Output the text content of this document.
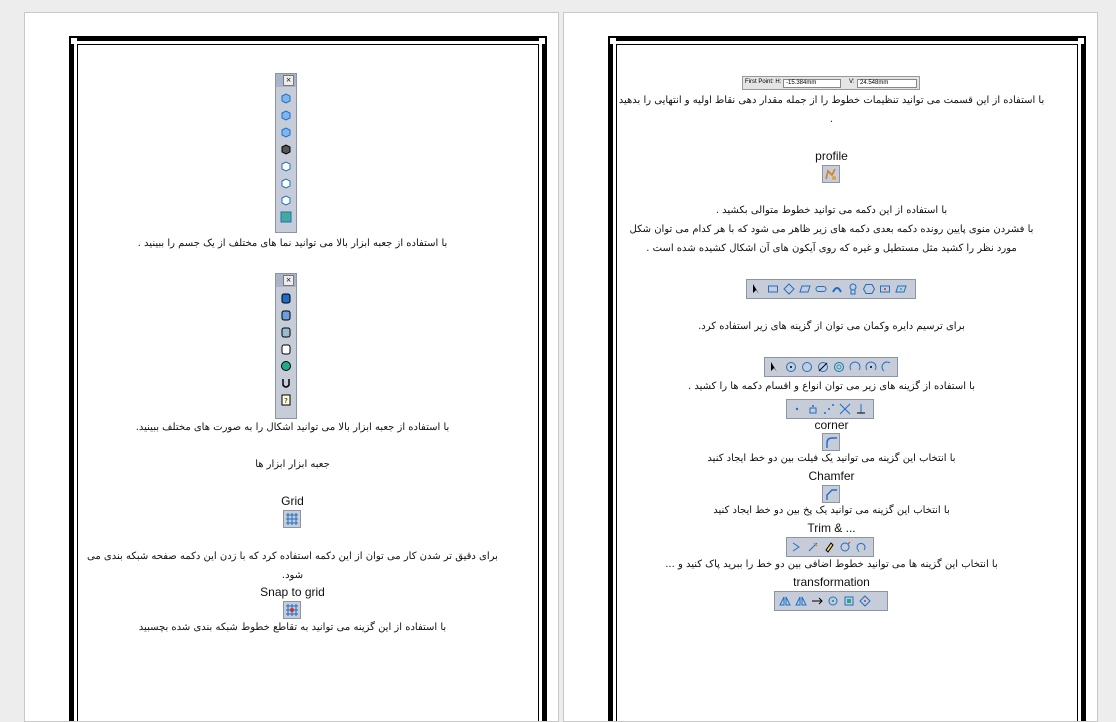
×
با استفاده از جعبه ابزار بالا می توانید نما های مختلف از یک جسم را ببینید .
×
?
با استفاده از جعبه ابزار بالا می توانید اشکال را به صورت های مختلف ببینید.
جعبه ابزار ابزار ها
Grid
برای دقیق تر شدن کار می توان از این دکمه استفاده کرد که با زدن این دکمه صفحه شبکه بندی می
شود.
Snap to grid
با استفاده از این گزینه می توانید به تقاطع خطوط شبکه بندی شده بچسبید
First Point: H: -15.384mm	V: 24.548mm
با استفاده از این قسمت می توانید تنظیمات خطوط را از جمله مقدار دهی نقاط اولیه و انتهایی را بدهید
.
profile
با استفاده از این دکمه می توانید خطوط متوالی بکشید .
با فشردن منوی پایین رونده دکمه بعدی دکمه های زیر ظاهر می شود که با هر کدام می توان شکل
مورد نظر را کشید مثل مستطیل و غیره که روی آیکون های آن اشکال کشیده شده است .
برای ترسیم دایره وکمان می توان از گزینه های زیر استفاده کرد.
با استفاده از گزینه های زیر می توان انواع و اقسام دکمه ها را کشید .
corner
با انتخاب این گزینه می توانید یک فیلت بین دو خط ایجاد کنید
Chamfer
با انتخاب این گزینه می توانید یک پخ بین دو خط ایجاد کنید
Trim & ...
با انتخاب این گزینه ها می توانید خطوط اضافی بین دو خط را ببرید پاک کنید و ...
transformation
